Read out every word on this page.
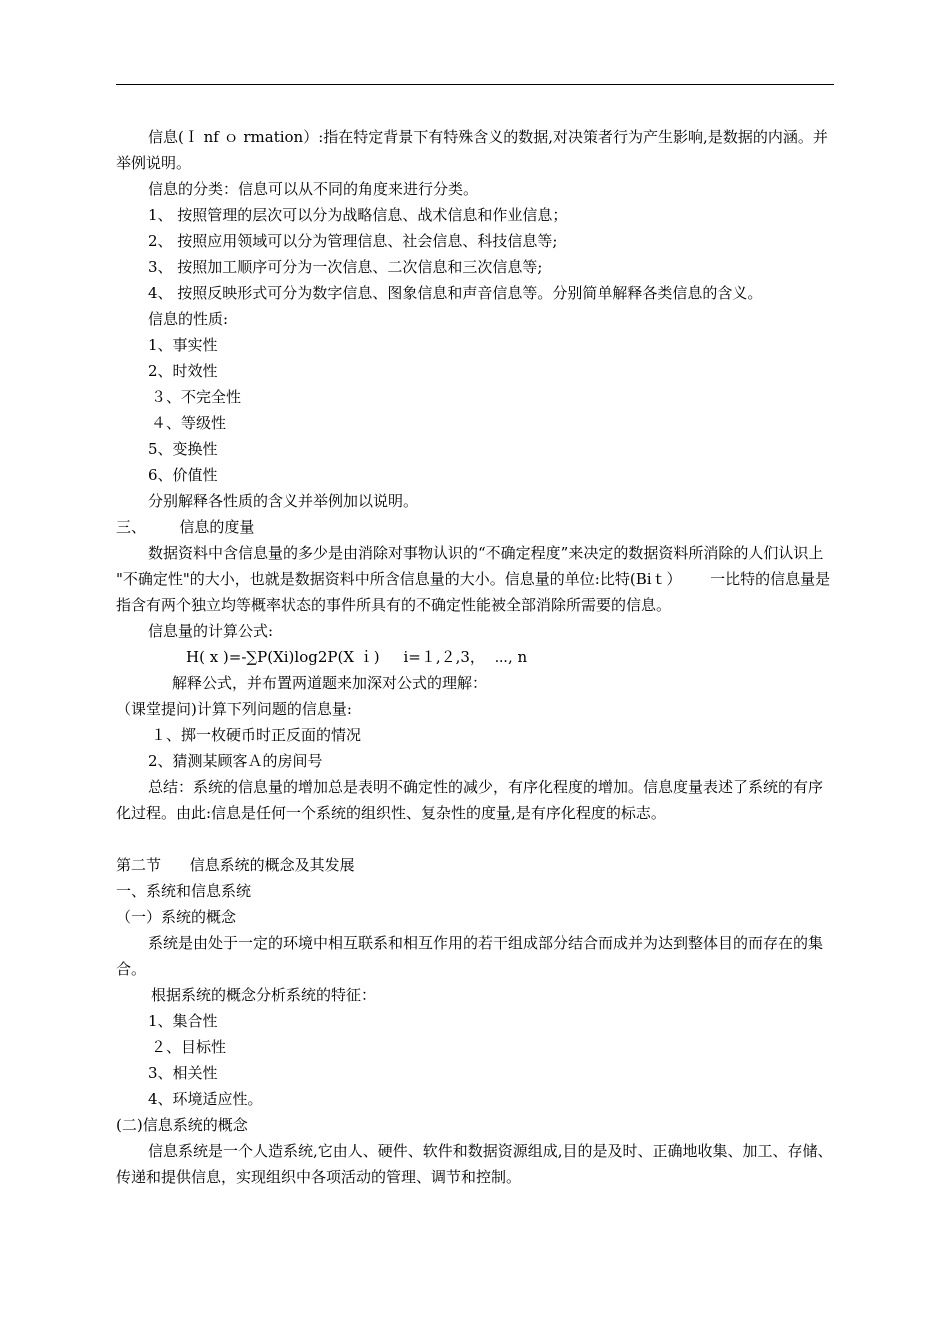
信息(Ｉ nf ｏ rmation）:指在特定背景下有特殊含义的数据,对决策者行为产生影响,是数据的内涵。并举例说明。

信息的分类：信息可以从不同的角度来进行分类。

1、 按照管理的层次可以分为战略信息、战术信息和作业信息；

2、 按照应用领域可以分为管理信息、社会信息、科技信息等;

3、 按照加工顺序可分为一次信息、二次信息和三次信息等;

4、 按照反映形式可分为数字信息、图象信息和声音信息等。分别简单解释各类信息的含义。

信息的性质:

1、事实性

2、时效性

３、不完全性

４、等级性

5、变换性

6、价值性

分别解释各性质的含义并举例加以说明。

三、       信息的度量

数据资料中含信息量的多少是由消除对事物认识的“不确定程度”来决定的数据资料所消除的人们认识上 "不确定性"的大小，也就是数据资料中所含信息量的大小。信息量的单位:比特(Biｔ）      一比特的信息量是指含有两个独立均等概率状态的事件所具有的不确定性能被全部消除所需要的信息。

信息量的计算公式:

H( x )=-∑P(Xi)log2P(X ｉ)     i=１,２,3，  ⋯, n

解释公式，并布置两道题来加深对公式的理解：

（课堂提问)计算下列问题的信息量:

１、掷一枚硬币时正反面的情况

2、猜测某顾客Ａ的房间号

总结：系统的信息量的增加总是表明不确定性的减少，有序化程度的增加。信息度量表述了系统的有序化过程。由此:信息是任何一个系统的组织性、复杂性的度量,是有序化程度的标志。

第二节      信息系统的概念及其发展

一、系统和信息系统

（一）系统的概念

系统是由处于一定的环境中相互联系和相互作用的若干组成部分结合而成并为达到整体目的而存在的集合。

根据系统的概念分析系统的特征：

1、集合性

２、目标性

3、相关性

4、环境适应性。

(二)信息系统的概念

信息系统是一个人造系统,它由人、硬件、软件和数据资源组成,目的是及时、正确地收集、加工、存储、传递和提供信息，实现组织中各项活动的管理、调节和控制。
